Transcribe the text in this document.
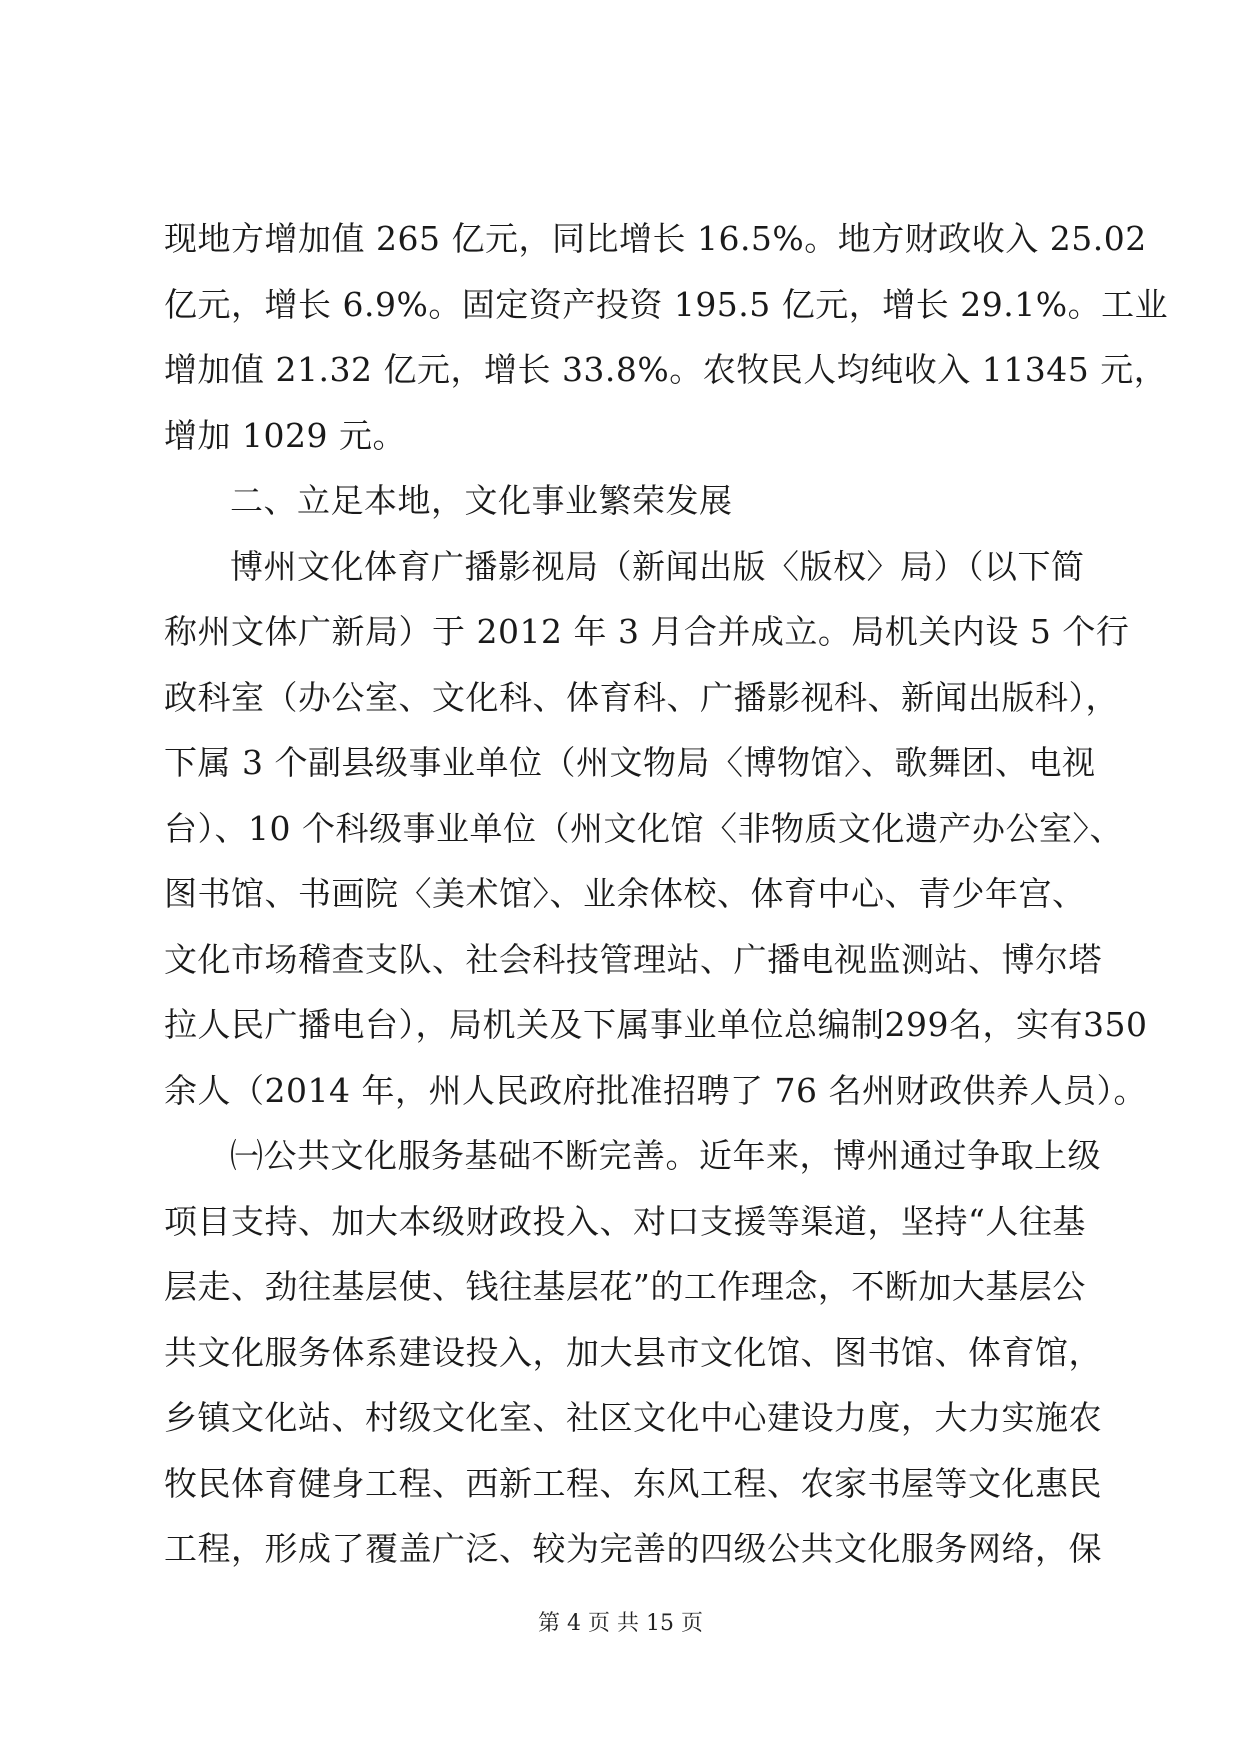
现地方增加值 265 亿元，同比增长 16.5%。地方财政收入 25.02
亿元，增长 6.9%。固定资产投资 195.5 亿元，增长 29.1%。工业
增加值 21.32 亿元，增长 33.8%。农牧民人均纯收入 11345 元，
增加 1029 元。
二、立足本地，文化事业繁荣发展
博州文化体育广播影视局（新闻出版〈版权〉局）（以下简
称州文体广新局）于 2012 年 3 月合并成立。局机关内设 5 个行
政科室（办公室、文化科、体育科、广播影视科、新闻出版科），
下属 3 个副县级事业单位（州文物局〈博物馆〉、歌舞团、电视
台）、10 个科级事业单位（州文化馆〈非物质文化遗产办公室〉、
图书馆、书画院〈美术馆〉、业余体校、体育中心、青少年宫、
文化市场稽查支队、社会科技管理站、广播电视监测站、博尔塔
拉人民广播电台），局机关及下属事业单位总编制299名，实有350
余人（2014 年，州人民政府批准招聘了 76 名州财政供养人员）。
㈠公共文化服务基础不断完善。近年来，博州通过争取上级
项目支持、加大本级财政投入、对口支援等渠道，坚持“人往基
层走、劲往基层使、钱往基层花”的工作理念，不断加大基层公
共文化服务体系建设投入，加大县市文化馆、图书馆、体育馆，
乡镇文化站、村级文化室、社区文化中心建设力度，大力实施农
牧民体育健身工程、西新工程、东风工程、农家书屋等文化惠民
工程，形成了覆盖广泛、较为完善的四级公共文化服务网络，保
第 4 页 共 15 页
